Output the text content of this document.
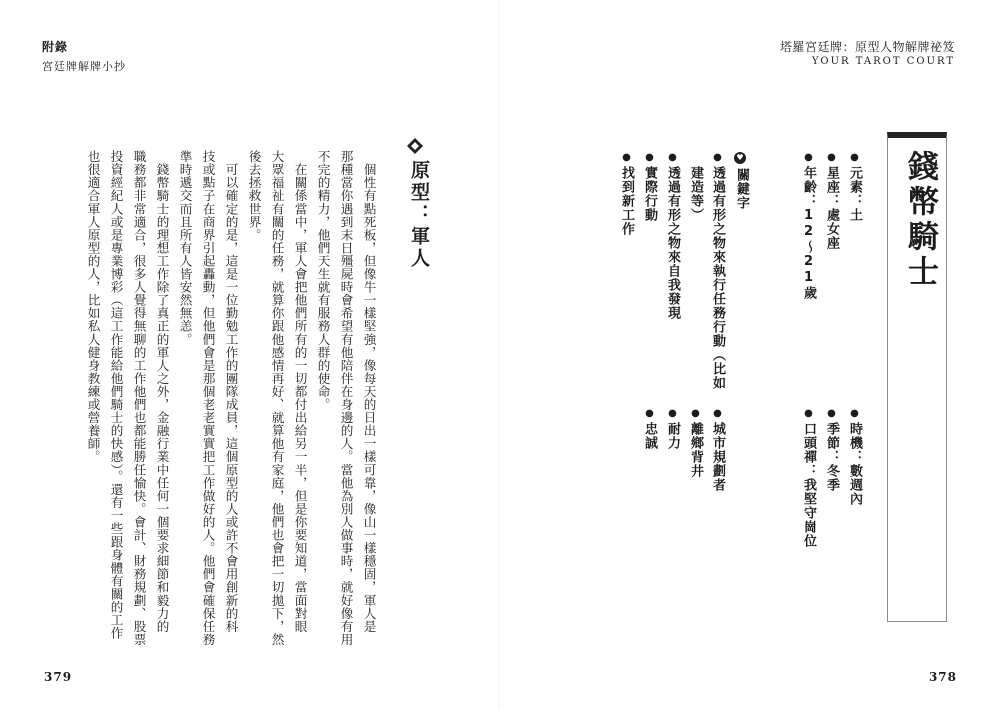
附錄
宮廷牌解牌小抄
塔羅宮廷牌：原型人物解牌祕笈
YOUR TAROT COURT
錢幣騎士
●元素：土
●星座：處女座
●年齡：12～21歲
●時機：數週內
●季節：冬季
●口頭禪：我堅守崗位
♥
關鍵字
●透過有形之物來執行任務行動（比如
建造等）
●透過有形之物來自我發現
●實際行動
●找到新工作
●城市規劃者
●離鄉背井
●耐力
●忠誠
原型：軍人
　個性有點死板，但像牛一樣堅強，像每天的日出一樣可靠，像山一樣穩固，軍人是
那種當你遇到末日殭屍時會希望有他陪伴在身邊的人。當他為別人做事時，就好像有用
不完的精力，他們天生就有服務人群的使命。
　在關係當中，軍人會把他們所有的一切都付出給另一半，但是你要知道，當面對眼
大眾福祉有關的任務，就算你跟他感情再好、就算他有家庭，他們也會把一切拋下，然
後去拯救世界。
　可以確定的是，這是一位勤勉工作的團隊成員，這個原型的人或許不會用創新的科
技或點子在商界引起轟動，但他們會是那個老老實實把工作做好的人。他們會確保任務
準時遞交而且所有人皆安然無恙。
　錢幣騎士的理想工作除了真正的軍人之外，金融行業中任何一個要求細節和毅力的
職務都非常適合，很多人覺得無聊的工作他們也都能勝任愉快。會計、財務規劃、股票
投資經紀人或是專業博彩（這工作能給他們騎士的快感）。還有一些跟身體有關的工作
也很適合軍人原型的人，比如私人健身教練或營養師。
379	378
